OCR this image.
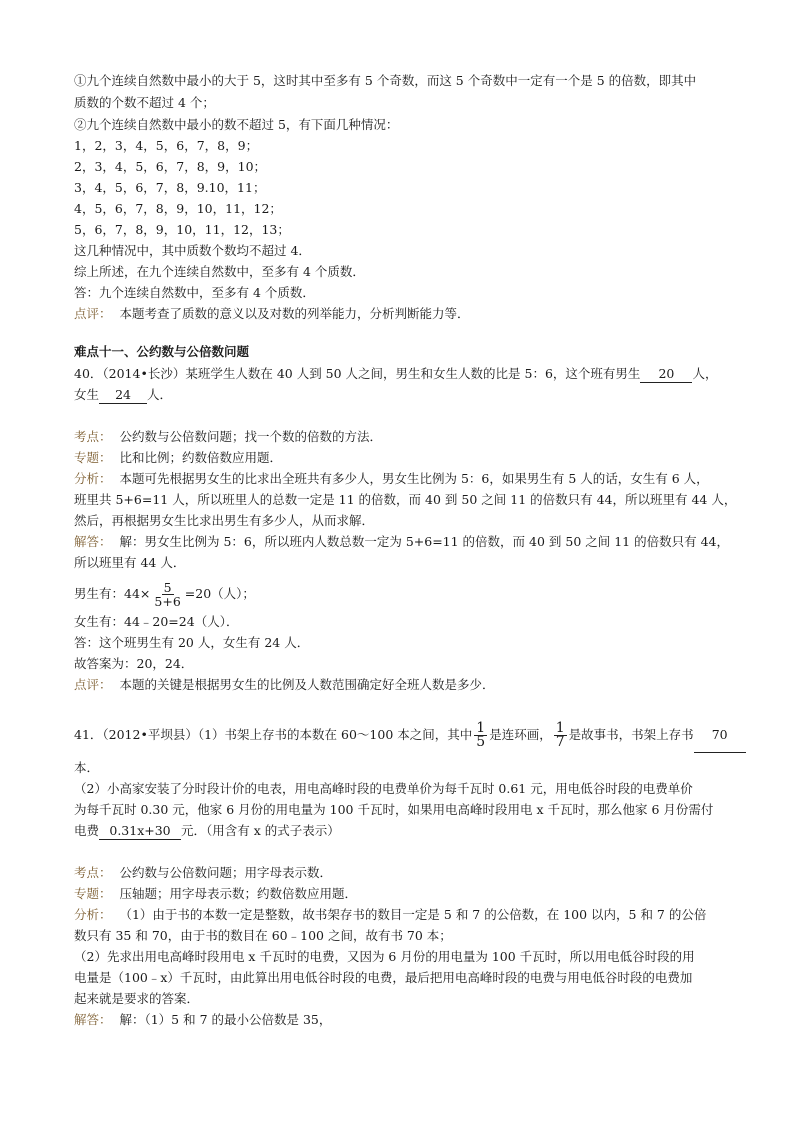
①九个连续自然数中最小的大于 5，这时其中至多有 5 个奇数，而这 5 个奇数中一定有一个是 5 的倍数，即其中
质数的个数不超过 4 个；
②九个连续自然数中最小的数不超过 5，有下面几种情况：
1，2，3，4，5，6，7，8，9；
2，3，4，5，6，7，8，9，10；
3，4，5，6，7，8，9.10，11；
4，5，6，7，8，9，10，11，12；
5，6，7，8，9，10，11，12，13；
这几种情况中，其中质数个数均不超过 4．
综上所述，在九个连续自然数中，至多有 4 个质数．
答：九个连续自然数中，至多有 4 个质数．
点评： 本题考查了质数的意义以及对数的列举能力，分析判断能力等．
难点十一、公约数与公倍数问题
40．（2014•长沙）某班学生人数在 40 人到 50 人之间，男生和女生人数的比是 5：6，这个班有男生 20 人，
女生 24 人．
考点： 公约数与公倍数问题；找一个数的倍数的方法．
专题： 比和比例；约数倍数应用题．
分析： 本题可先根据男女生的比求出全班共有多少人，男女生比例为 5：6，如果男生有 5 人的话，女生有 6 人，
班里共 5+6=11 人，所以班里人的总数一定是 11 的倍数，而 40 到 50 之间 11 的倍数只有 44，所以班里有 44 人，
然后，再根据男女生比求出男生有多少人，从而求解．
解答： 解：男女生比例为 5：6，所以班内人数总数一定为 5+6=11 的倍数，而 40 到 50 之间 11 的倍数只有 44，
所以班里有 44 人．
男生有：$44\times \frac{5}{5+6} =20$（人）；
女生有：44﹣20=24（人）．
答：这个班男生有 20 人，女生有 24 人．
故答案为：20，24．
点评： 本题的关键是根据男女生的比例及人数范围确定好全班人数是多少．
41．（2012•平坝县）（1）书架上存书的本数在 60～100 本之间，其中 $\frac{1}{5}$ 是连环画， $\frac{1}{7}$ 是故事书，书架上存书 70
本．
（2）小高家安装了分时段计价的电表，用电高峰时段的电费单价为每千瓦时 0.61 元，用电低谷时段的电费单价
为每千瓦时 0.30 元，他家 6 月份的用电量为 100 千瓦时，如果用电高峰时段用电 x 千瓦时，那么他家 6 月份需付
电费 0.31x+30 元．（用含有 x 的式子表示）
考点： 公约数与公倍数问题；用字母表示数．
专题： 压轴题；用字母表示数；约数倍数应用题．
分析： （1）由于书的本数一定是整数，故书架存书的数目一定是 5 和 7 的公倍数，在 100 以内，5 和 7 的公倍
数只有 35 和 70，由于书的数目在 60﹣100 之间，故有书 70 本；
（2）先求出用电高峰时段用电 x 千瓦时的电费，又因为 6 月份的用电量为 100 千瓦时，所以用电低谷时段的用
电量是（100﹣x）千瓦时，由此算出用电低谷时段的电费，最后把用电高峰时段的电费与用电低谷时段的电费加
起来就是要求的答案．
解答： 解：（1）5 和 7 的最小公倍数是 35，
